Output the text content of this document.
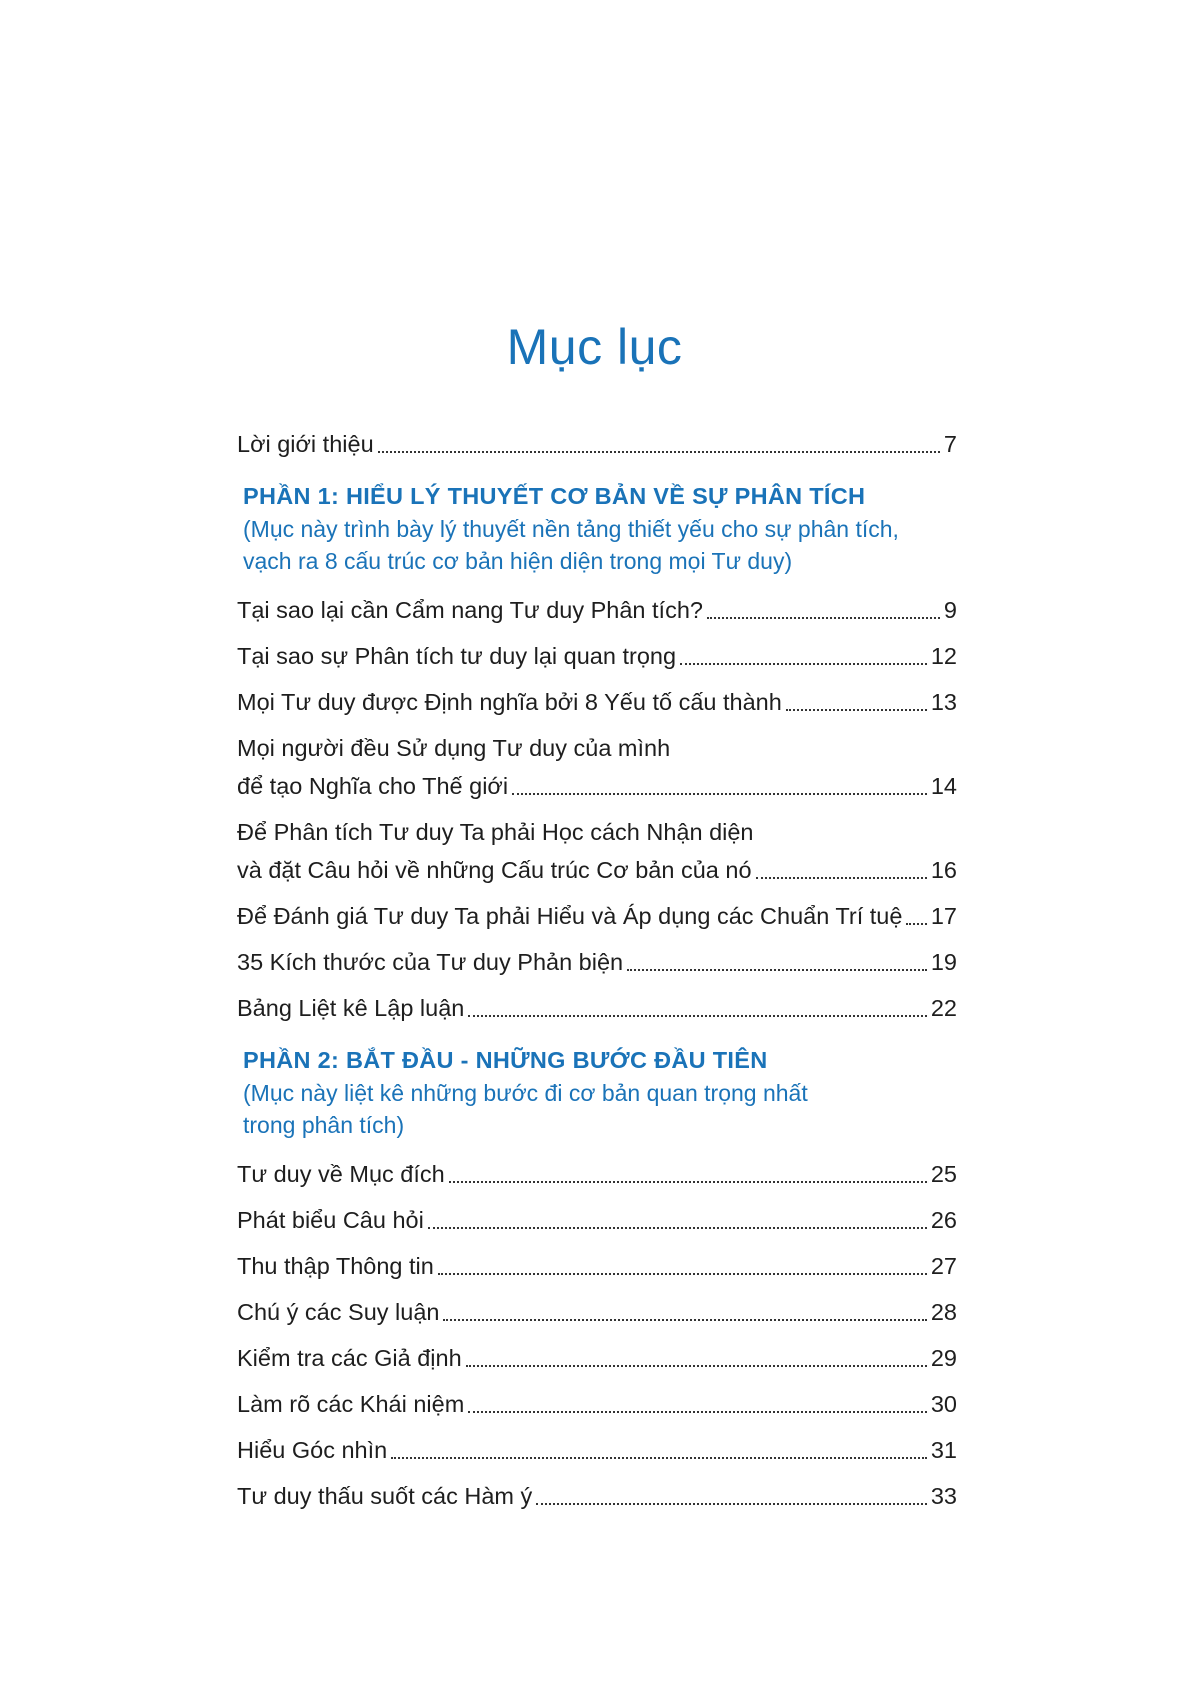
Mục lục
Lời giới thiệu	7
PHẦN 1: HIỂU LÝ THUYẾT CƠ BẢN VỀ SỰ PHÂN TÍCH
(Mục này trình bày lý thuyết nền tảng thiết yếu cho sự phân tích,
vạch ra 8 cấu trúc cơ bản hiện diện trong mọi Tư duy)
Tại sao lại cần Cẩm nang Tư duy Phân tích?	9
Tại sao sự Phân tích tư duy lại quan trọng	12
Mọi Tư duy được Định nghĩa bởi 8 Yếu tố cấu thành	13
Mọi người đều Sử dụng Tư duy của mình
để tạo Nghĩa cho Thế giới	14
Để Phân tích Tư duy Ta phải Học cách Nhận diện
và đặt Câu hỏi về những Cấu trúc Cơ bản của nó	16
Để Đánh giá Tư duy Ta phải Hiểu và Áp dụng các Chuẩn Trí tuệ 17
35 Kích thước của Tư duy Phản biện	19
Bảng Liệt kê Lập luận	22
PHẦN 2: BẮT ĐẦU - NHỮNG BƯỚC ĐẦU TIÊN
(Mục này liệt kê những bước đi cơ bản quan trọng nhất
trong phân tích)
Tư duy về Mục đích	25
Phát biểu Câu hỏi	26
Thu thập Thông tin	27
Chú ý các Suy luận	28
Kiểm tra các Giả định	29
Làm rõ các Khái niệm	30
Hiểu Góc nhìn	31
Tư duy thấu suốt các Hàm ý	33
